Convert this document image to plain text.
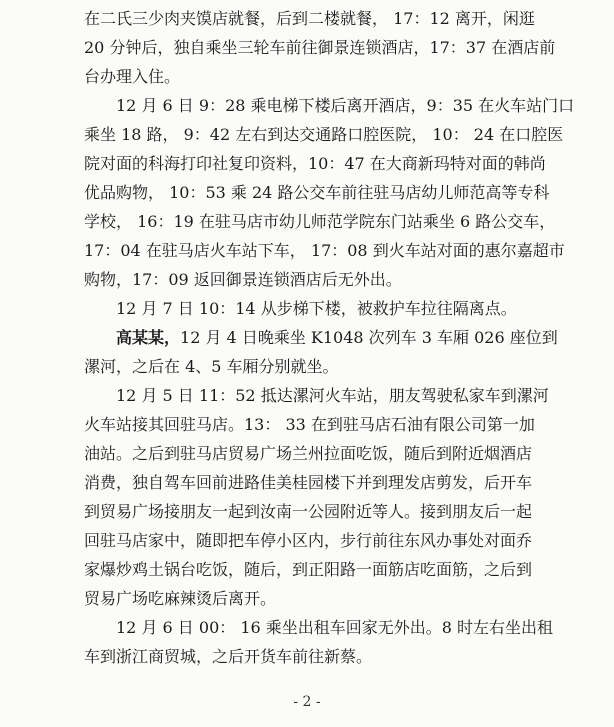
在二氏三少肉夹馍店就餐，后到二楼就餐， 17：12 离开，闲逛
20 分钟后，独自乘坐三轮车前往御景连锁酒店，17：37 在酒店前
台办理入住。
12 月 6 日 9：28 乘电梯下楼后离开酒店，9：35 在火车站门口
乘坐 18 路， 9：42 左右到达交通路口腔医院， 10： 24 在口腔医
院对面的科海打印社复印资料，10：47 在大商新玛特对面的韩尚
优品购物， 10：53 乘 24 路公交车前往驻马店幼儿师范高等专科
学校， 16：19 在驻马店市幼儿师范学院东门站乘坐 6 路公交车，
17：04 在驻马店火车站下车， 17：08 到火车站对面的惠尔嘉超市
购物，17：09 返回御景连锁酒店后无外出。
12 月 7 日 10：14 从步梯下楼，被救护车拉往隔离点。
高某某，12 月 4 日晚乘坐 K1048 次列车 3 车厢 026 座位到
漯河，之后在 4、5 车厢分别就坐。
12 月 5 日 11：52 抵达漯河火车站，朋友驾驶私家车到漯河
火车站接其回驻马店。13： 33 在到驻马店石油有限公司第一加
油站。之后到驻马店贸易广场兰州拉面吃饭，随后到附近烟酒店
消费，独自驾车回前进路佳美桂园楼下并到理发店剪发，后开车
到贸易广场接朋友一起到汝南一公园附近等人。接到朋友后一起
回驻马店家中，随即把车停小区内，步行前往东风办事处对面乔
家爆炒鸡土锅台吃饭，随后，到正阳路一面筋店吃面筋，之后到
贸易广场吃麻辣烫后离开。
12 月 6 日 00： 16 乘坐出租车回家无外出。8 时左右坐出租
- 2 -
车到浙江商贸城，之后开货车前往新蔡。
